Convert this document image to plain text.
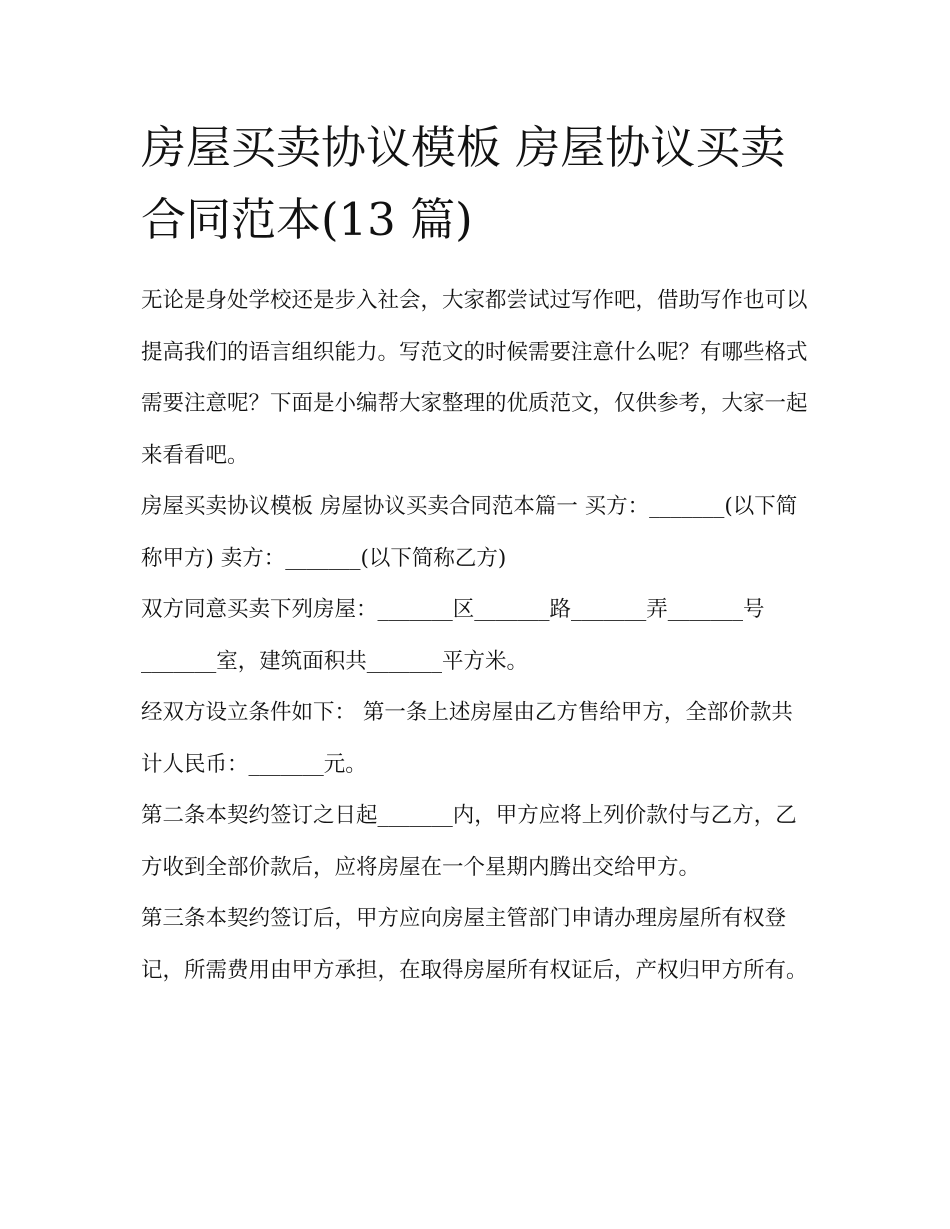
房屋买卖协议模板 房屋协议买卖合同范本(13 篇)

无论是身处学校还是步入社会，大家都尝试过写作吧，借助写作也可以提高我们的语言组织能力。写范文的时候需要注意什么呢？有哪些格式需要注意呢？下面是小编帮大家整理的优质范文，仅供参考，大家一起来看看吧。

房屋买卖协议模板 房屋协议买卖合同范本篇一 买方：_______(以下简称甲方) 卖方：_______(以下简称乙方)

双方同意买卖下列房屋：_______区_______路_______弄_______号_______室，建筑面积共_______平方米。

经双方设立条件如下： 第一条上述房屋由乙方售给甲方，全部价款共计人民币：_______元。

第二条本契约签订之日起_______内，甲方应将上列价款付与乙方，乙方收到全部价款后，应将房屋在一个星期内腾出交给甲方。

第三条本契约签订后，甲方应向房屋主管部门申请办理房屋所有权登记，所需费用由甲方承担，在取得房屋所有权证后，产权归甲方所有。
